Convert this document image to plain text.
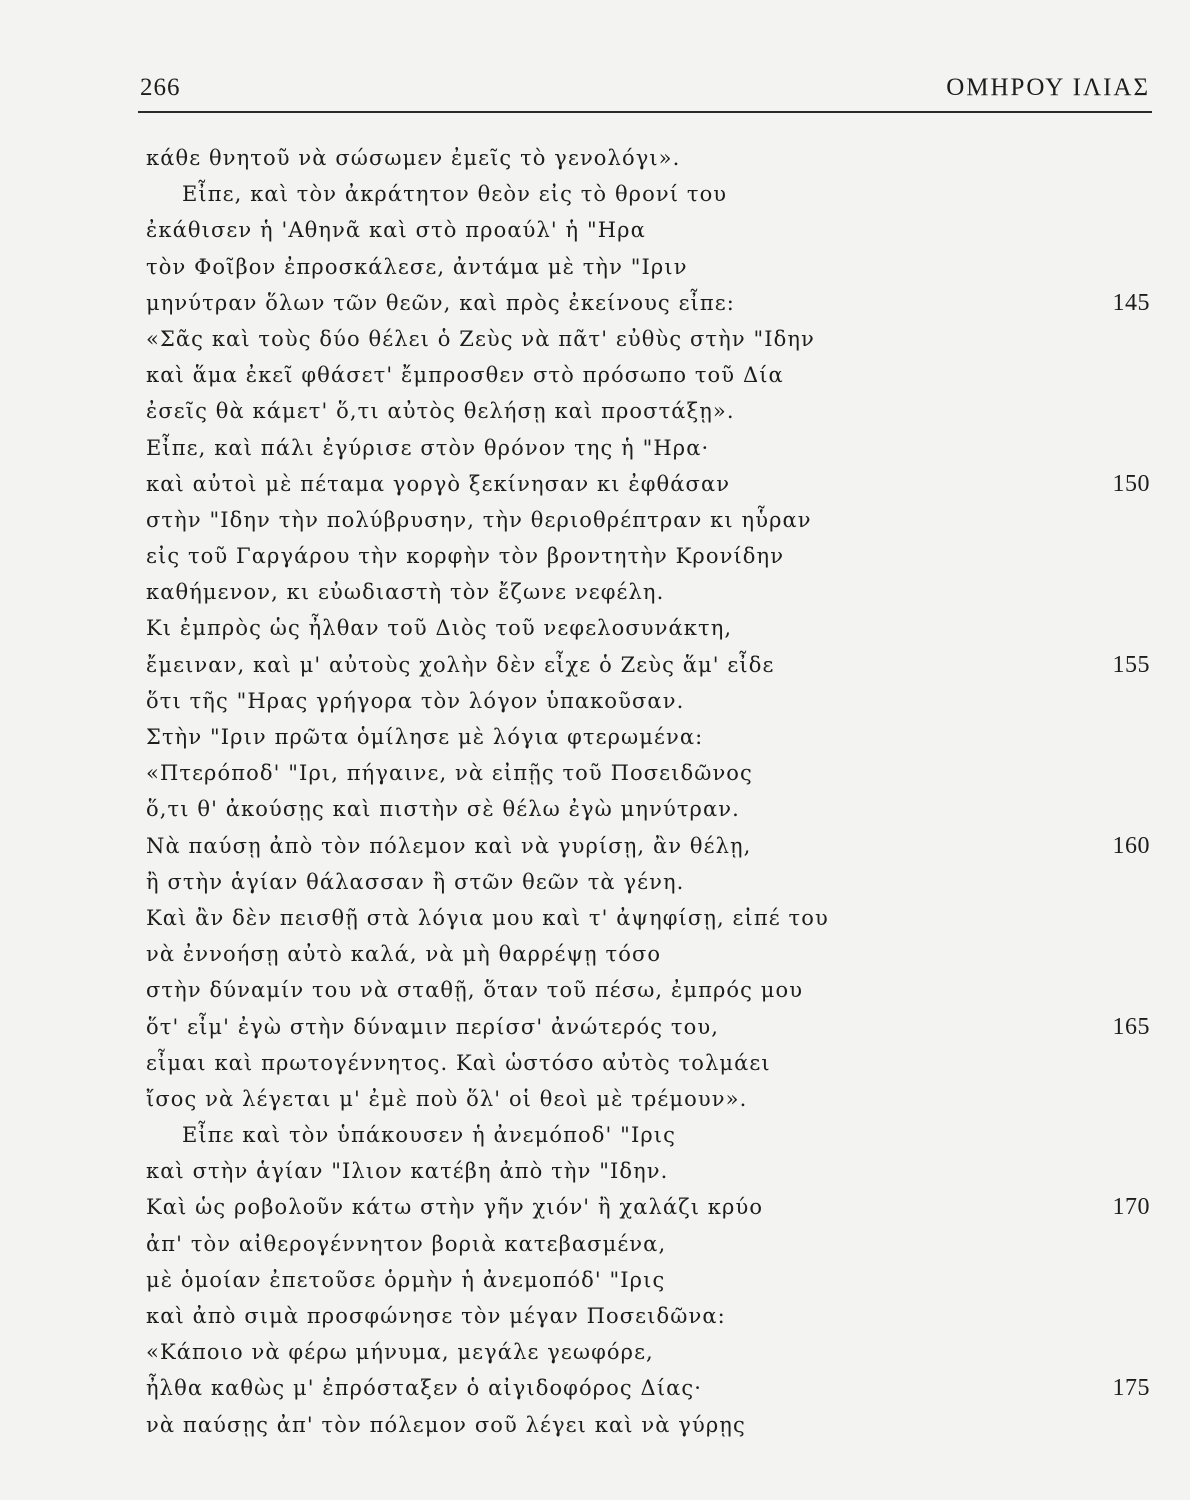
266	ΟΜΗΡΟΥ ΙΛΙΑΣ
κάθε θνητοῦ νὰ σώσωμεν ἐμεῖς τὸ γενολόγι».
Εἶπε, καὶ τὸν ἀκράτητον θεὸν εἰς τὸ θρονί του
ἐκάθισεν ἡ 'Αθηνᾶ καὶ στὸ προαύλ' ἡ "Ηρα
τὸν Φοῖβον ἐπροσκάλεσε, ἀντάμα μὲ τὴν "Ιριν
μηνύτραν ὅλων τῶν θεῶν, καὶ πρὸς ἐκείνους εἶπε:	145
«Σᾶς καὶ τοὺς δύο θέλει ὁ Ζεὺς νὰ πᾶτ' εὐθὺς στὴν "Ιδην
καὶ ἅμα ἐκεῖ φθάσετ' ἔμπροσθεν στὸ πρόσωπο τοῦ Δία
ἐσεῖς θὰ κάμετ' ὅ,τι αὐτὸς θελήσῃ καὶ προστάξῃ».
Εἶπε, καὶ πάλι ἐγύρισε στὸν θρόνον της ἡ "Ηρα·
καὶ αὐτοὶ μὲ πέταμα γοργὸ ξεκίνησαν κι ἐφθάσαν	150
στὴν "Ιδην τὴν πολύβρυσην, τὴν θεριοθρέπτραν κι ηὗραν
εἰς τοῦ Γαργάρου τὴν κορφὴν τὸν βροντητὴν Κρονίδην
καθήμενον, κι εὐωδιαστὴ τὸν ἔζωνε νεφέλη.
Κι ἐμπρὸς ὡς ἦλθαν τοῦ Διὸς τοῦ νεφελοσυνάκτη,
ἔμειναν, καὶ μ' αὐτοὺς χολὴν δὲν εἶχε ὁ Ζεὺς ἅμ' εἶδε	155
ὅτι τῆς "Ηρας γρήγορα τὸν λόγον ὑπακοῦσαν.
Στὴν "Ιριν πρῶτα ὁμίλησε μὲ λόγια φτερωμένα:
«Πτερόποδ' "Ιρι, πήγαινε, νὰ εἰπῇς τοῦ Ποσειδῶνος
ὅ,τι θ' ἀκούσῃς καὶ πιστὴν σὲ θέλω ἐγὼ μηνύτραν.
Νὰ παύσῃ ἀπὸ τὸν πόλεμον καὶ νὰ γυρίσῃ, ἂν θέλῃ,	160
ἢ στὴν ἁγίαν θάλασσαν ἢ στῶν θεῶν τὰ γένη.
Καὶ ἂν δὲν πεισθῇ στὰ λόγια μου καὶ τ' ἀψηφίσῃ, εἰπέ του
νὰ ἐννοήσῃ αὐτὸ καλά, νὰ μὴ θαρρέψῃ τόσο
στὴν δύναμίν του νὰ σταθῇ, ὅταν τοῦ πέσω, ἐμπρός μου
ὅτ' εἶμ' ἐγὼ στὴν δύναμιν περίσσ' ἀνώτερός του,	165
εἶμαι καὶ πρωτογέννητος. Καὶ ὡστόσο αὐτὸς τολμάει
ἴσος νὰ λέγεται μ' ἐμὲ ποὺ ὅλ' οἱ θεοὶ μὲ τρέμουν».
Εἶπε καὶ τὸν ὑπάκουσεν ἡ ἀνεμόποδ' "Ιρις
καὶ στὴν ἁγίαν "Ιλιον κατέβη ἀπὸ τὴν "Ιδην.
Καὶ ὡς ροβολοῦν κάτω στὴν γῆν χιόν' ἢ χαλάζι κρύο	170
ἀπ' τὸν αἰθερογέννητον βοριὰ κατεβασμένα,
μὲ ὁμοίαν ἐπετοῦσε ὁρμὴν ἡ ἀνεμοπόδ' "Ιρις
καὶ ἀπὸ σιμὰ προσφώνησε τὸν μέγαν Ποσειδῶνα:
«Κάποιο νὰ φέρω μήνυμα, μεγάλε γεωφόρε,
ἦλθα καθὼς μ' ἐπρόσταξεν ὁ αἰγιδοφόρος Δίας·	175
νὰ παύσῃς ἀπ' τὸν πόλεμον σοῦ λέγει καὶ νὰ γύρῃς
